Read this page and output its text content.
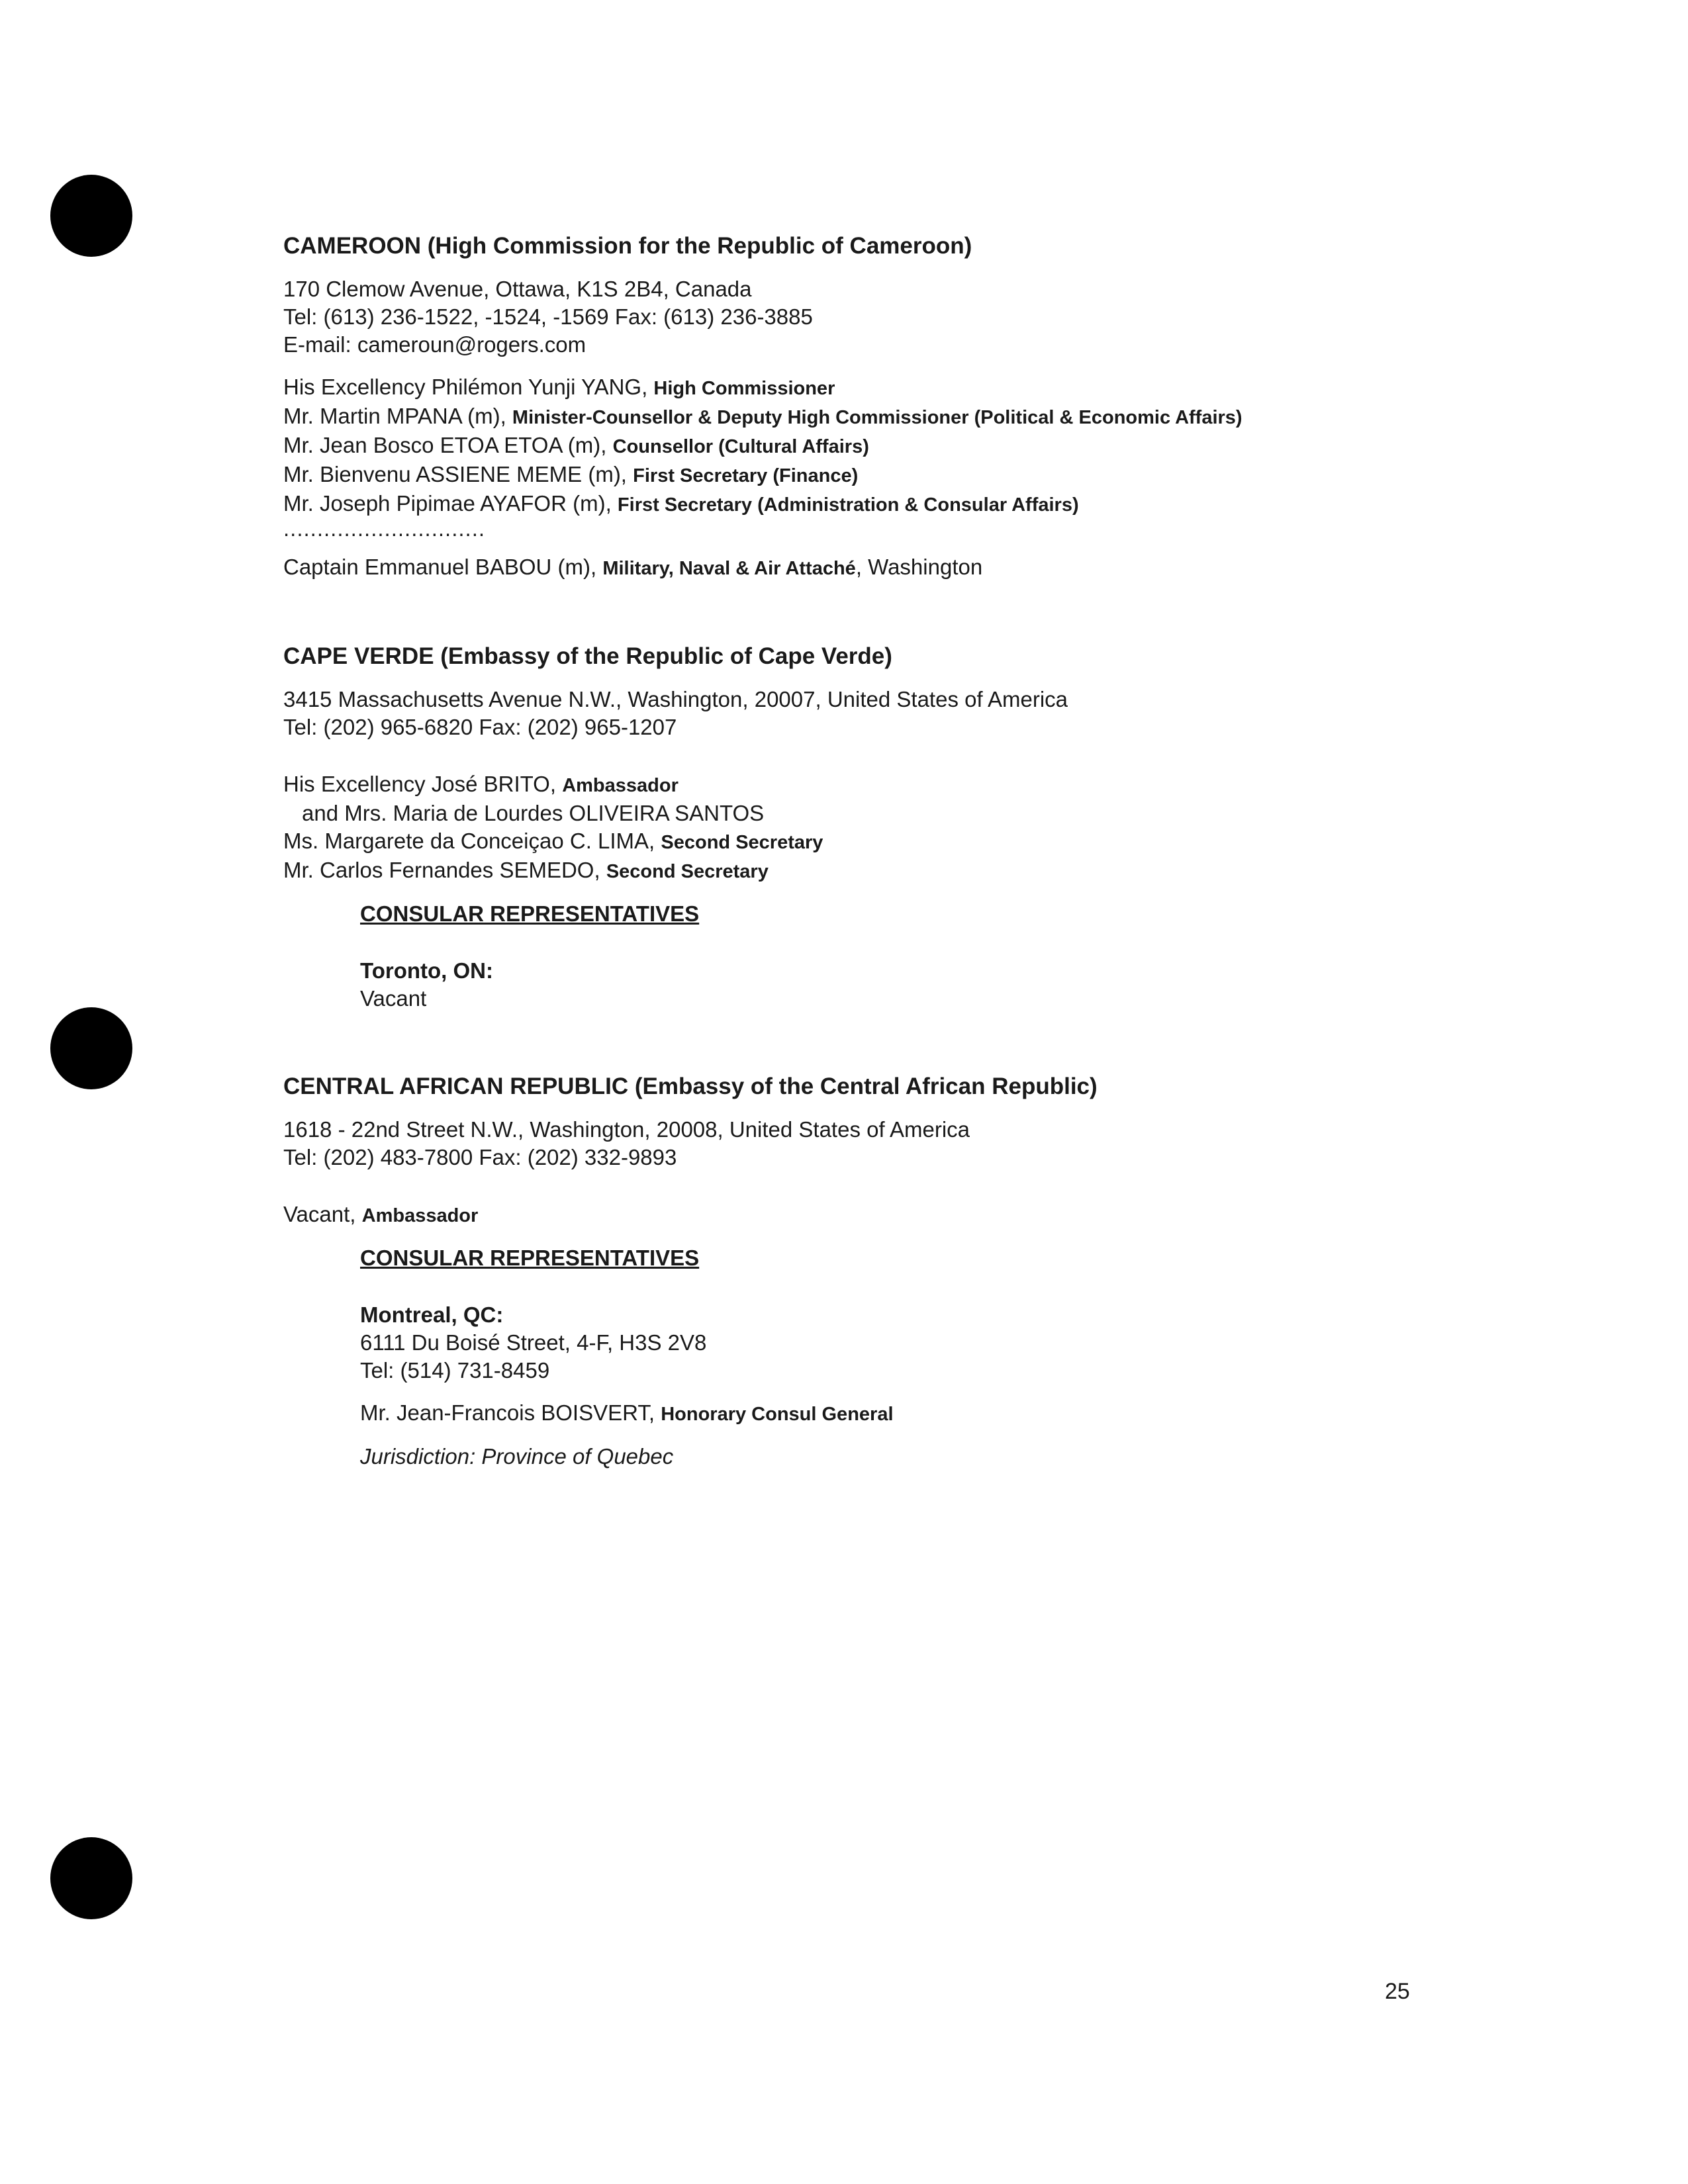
CAMEROON (High Commission for the Republic of Cameroon)

170 Clemow Avenue, Ottawa, K1S 2B4, Canada

Tel: (613) 236-1522, -1524, -1569 Fax: (613) 236-3885

E-mail: cameroun@rogers.com

His Excellency Philémon Yunji YANG, High Commissioner

Mr. Martin MPANA (m), Minister-Counsellor & Deputy High Commissioner (Political & Economic Affairs)

Mr. Jean Bosco ETOA ETOA (m), Counsellor (Cultural Affairs)

Mr. Bienvenu ASSIENE MEME (m), First Secretary (Finance)

Mr. Joseph Pipimae AYAFOR (m), First Secretary (Administration & Consular Affairs)

..............................

Captain Emmanuel BABOU (m), Military, Naval & Air Attaché, Washington

CAPE VERDE (Embassy of the Republic of Cape Verde)

3415 Massachusetts Avenue N.W., Washington, 20007, United States of America

Tel: (202) 965-6820 Fax: (202) 965-1207

His Excellency José BRITO, Ambassador

and Mrs. Maria de Lourdes OLIVEIRA SANTOS

Ms. Margarete da Conceiçao C. LIMA, Second Secretary

Mr. Carlos Fernandes SEMEDO, Second Secretary

CONSULAR REPRESENTATIVES

Toronto, ON:

Vacant

CENTRAL AFRICAN REPUBLIC (Embassy of the Central African Republic)

1618 - 22nd Street N.W., Washington, 20008, United States of America

Tel: (202) 483-7800 Fax: (202) 332-9893

Vacant, Ambassador

CONSULAR REPRESENTATIVES

Montreal, QC:

6111 Du Boisé Street, 4-F, H3S 2V8

Tel: (514) 731-8459

Mr. Jean-Francois BOISVERT, Honorary Consul General

Jurisdiction: Province of Quebec

25
